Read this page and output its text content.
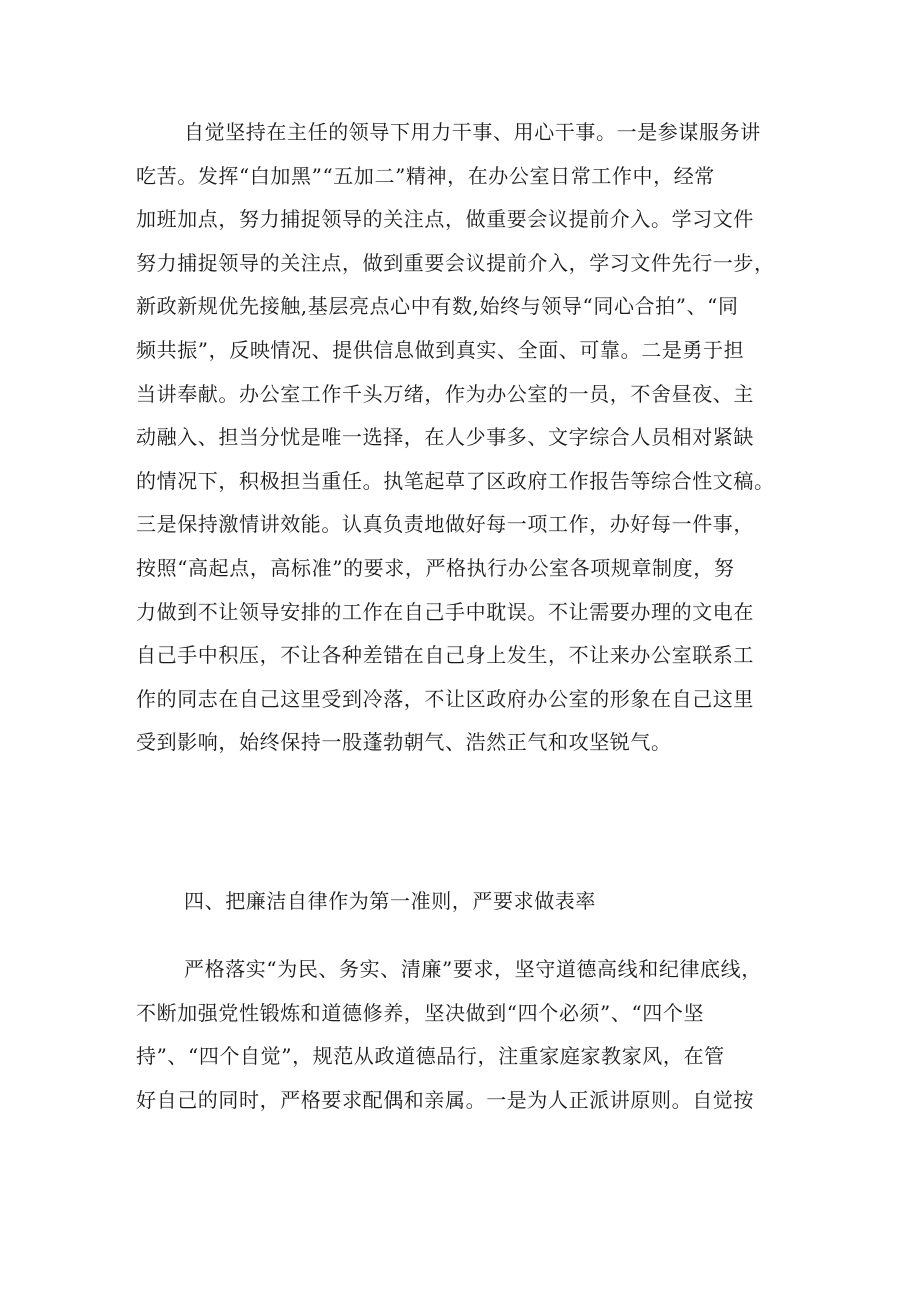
自觉坚持在主任的领导下用力干事、用心干事。一是参谋服务讲
吃苦。发挥“白加黑”“五加二”精神，在办公室日常工作中，经常
加班加点，努力捕捉领导的关注点，做重要会议提前介入。学习文件
努力捕捉领导的关注点，做到重要会议提前介入，学习文件先行一步，
新政新规优先接触,基层亮点心中有数,始终与领导“同心合拍”、“同
频共振”，反映情况、提供信息做到真实、全面、可靠。二是勇于担
当讲奉献。办公室工作千头万绪，作为办公室的一员，不舍昼夜、主
动融入、担当分忧是唯一选择，在人少事多、文字综合人员相对紧缺
的情况下，积极担当重任。执笔起草了区政府工作报告等综合性文稿。
三是保持激情讲效能。认真负责地做好每一项工作，办好每一件事，
按照“高起点，高标准”的要求，严格执行办公室各项规章制度，努
力做到不让领导安排的工作在自己手中耽误。不让需要办理的文电在
自己手中积压，不让各种差错在自己身上发生，不让来办公室联系工
作的同志在自己这里受到冷落，不让区政府办公室的形象在自己这里
受到影响，始终保持一股蓬勃朝气、浩然正气和攻坚锐气。
四、把廉洁自律作为第一准则，严要求做表率
严格落实“为民、务实、清廉”要求，坚守道德高线和纪律底线，
不断加强党性锻炼和道德修养，坚决做到“四个必须”、“四个坚
持”、“四个自觉”，规范从政道德品行，注重家庭家教家风，在管
好自己的同时，严格要求配偶和亲属。一是为人正派讲原则。自觉按
